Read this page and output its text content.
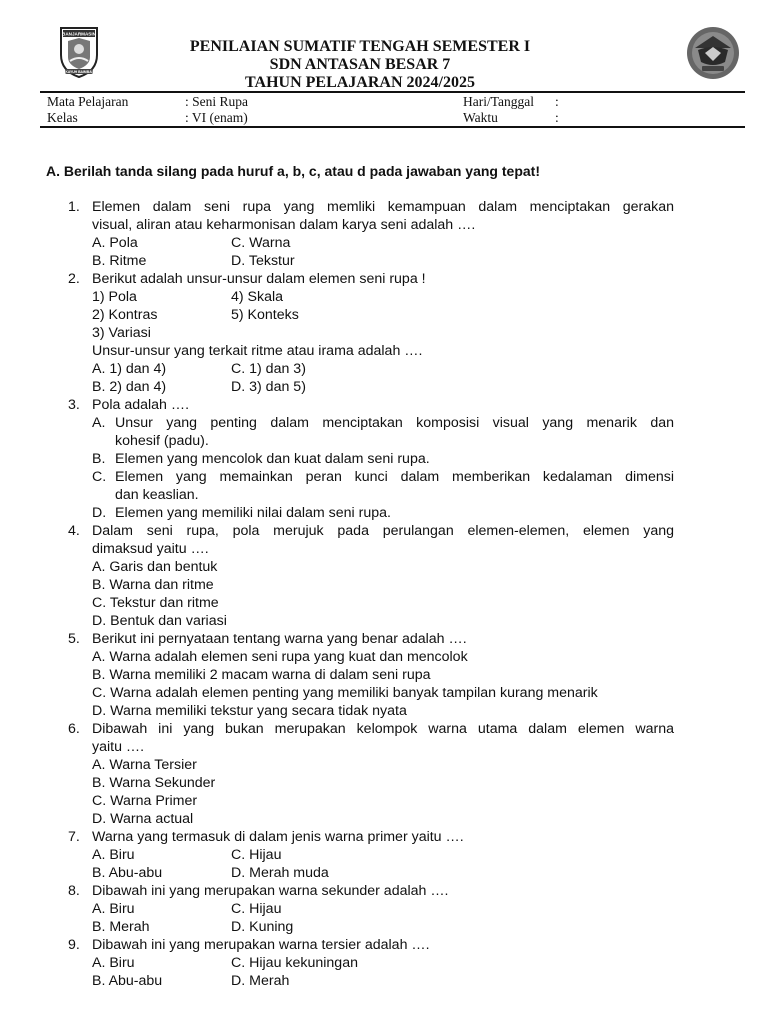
BANJARMASIN
KAYUH BAIMBAI
PENILAIAN SUMATIF TENGAH SEMESTER I
SDN ANTASAN BESAR 7
TAHUN PELAJARAN 2024/2025
Mata Pelajaran	: Seni Rupa	Hari/Tanggal :
Kelas	: VI (enam)	Waktu	:
A. Berilah tanda silang pada huruf a, b, c, atau d pada jawaban yang tepat!
1. Elemen dalam seni rupa yang memliki kemampuan dalam menciptakan gerakan
visual, aliran atau keharmonisan dalam karya seni adalah ….
A. Pola	C. Warna
B. Ritme	D. Tekstur
2. Berikut adalah unsur-unsur dalam elemen seni rupa !
1) Pola	4) Skala
2) Kontras	5) Konteks
3) Variasi
Unsur-unsur yang terkait ritme atau irama adalah ….
A. 1) dan 4)	C. 1) dan 3)
B. 2) dan 4)	D. 3) dan 5)
3. Pola adalah ….
A. Unsur yang penting dalam menciptakan komposisi visual yang menarik dan
kohesif (padu).
B. Elemen yang mencolok dan kuat dalam seni rupa.
C. Elemen yang memainkan peran kunci dalam memberikan kedalaman dimensi
dan keaslian.
D. Elemen yang memiliki nilai dalam seni rupa.
4. Dalam seni rupa, pola merujuk pada perulangan elemen-elemen, elemen yang
dimaksud yaitu ….
A. Garis dan bentuk
B. Warna dan ritme
C. Tekstur dan ritme
D. Bentuk dan variasi
5. Berikut ini pernyataan tentang warna yang benar adalah ….
A. Warna adalah elemen seni rupa yang kuat dan mencolok
B. Warna memiliki 2 macam warna di dalam seni rupa
C. Warna adalah elemen penting yang memiliki banyak tampilan kurang menarik
D. Warna memiliki tekstur yang secara tidak nyata
6. Dibawah ini yang bukan merupakan kelompok warna utama dalam elemen warna
yaitu ….
A. Warna Tersier
B. Warna Sekunder
C. Warna Primer
D. Warna actual
7. Warna yang termasuk di dalam jenis warna primer yaitu ….
A. Biru	C. Hijau
B. Abu-abu	D. Merah muda
8. Dibawah ini yang merupakan warna sekunder adalah ….
A. Biru	C. Hijau
B. Merah	D. Kuning
9. Dibawah ini yang merupakan warna tersier adalah ….
A. Biru	C. Hijau kekuningan
B. Abu-abu	D. Merah
